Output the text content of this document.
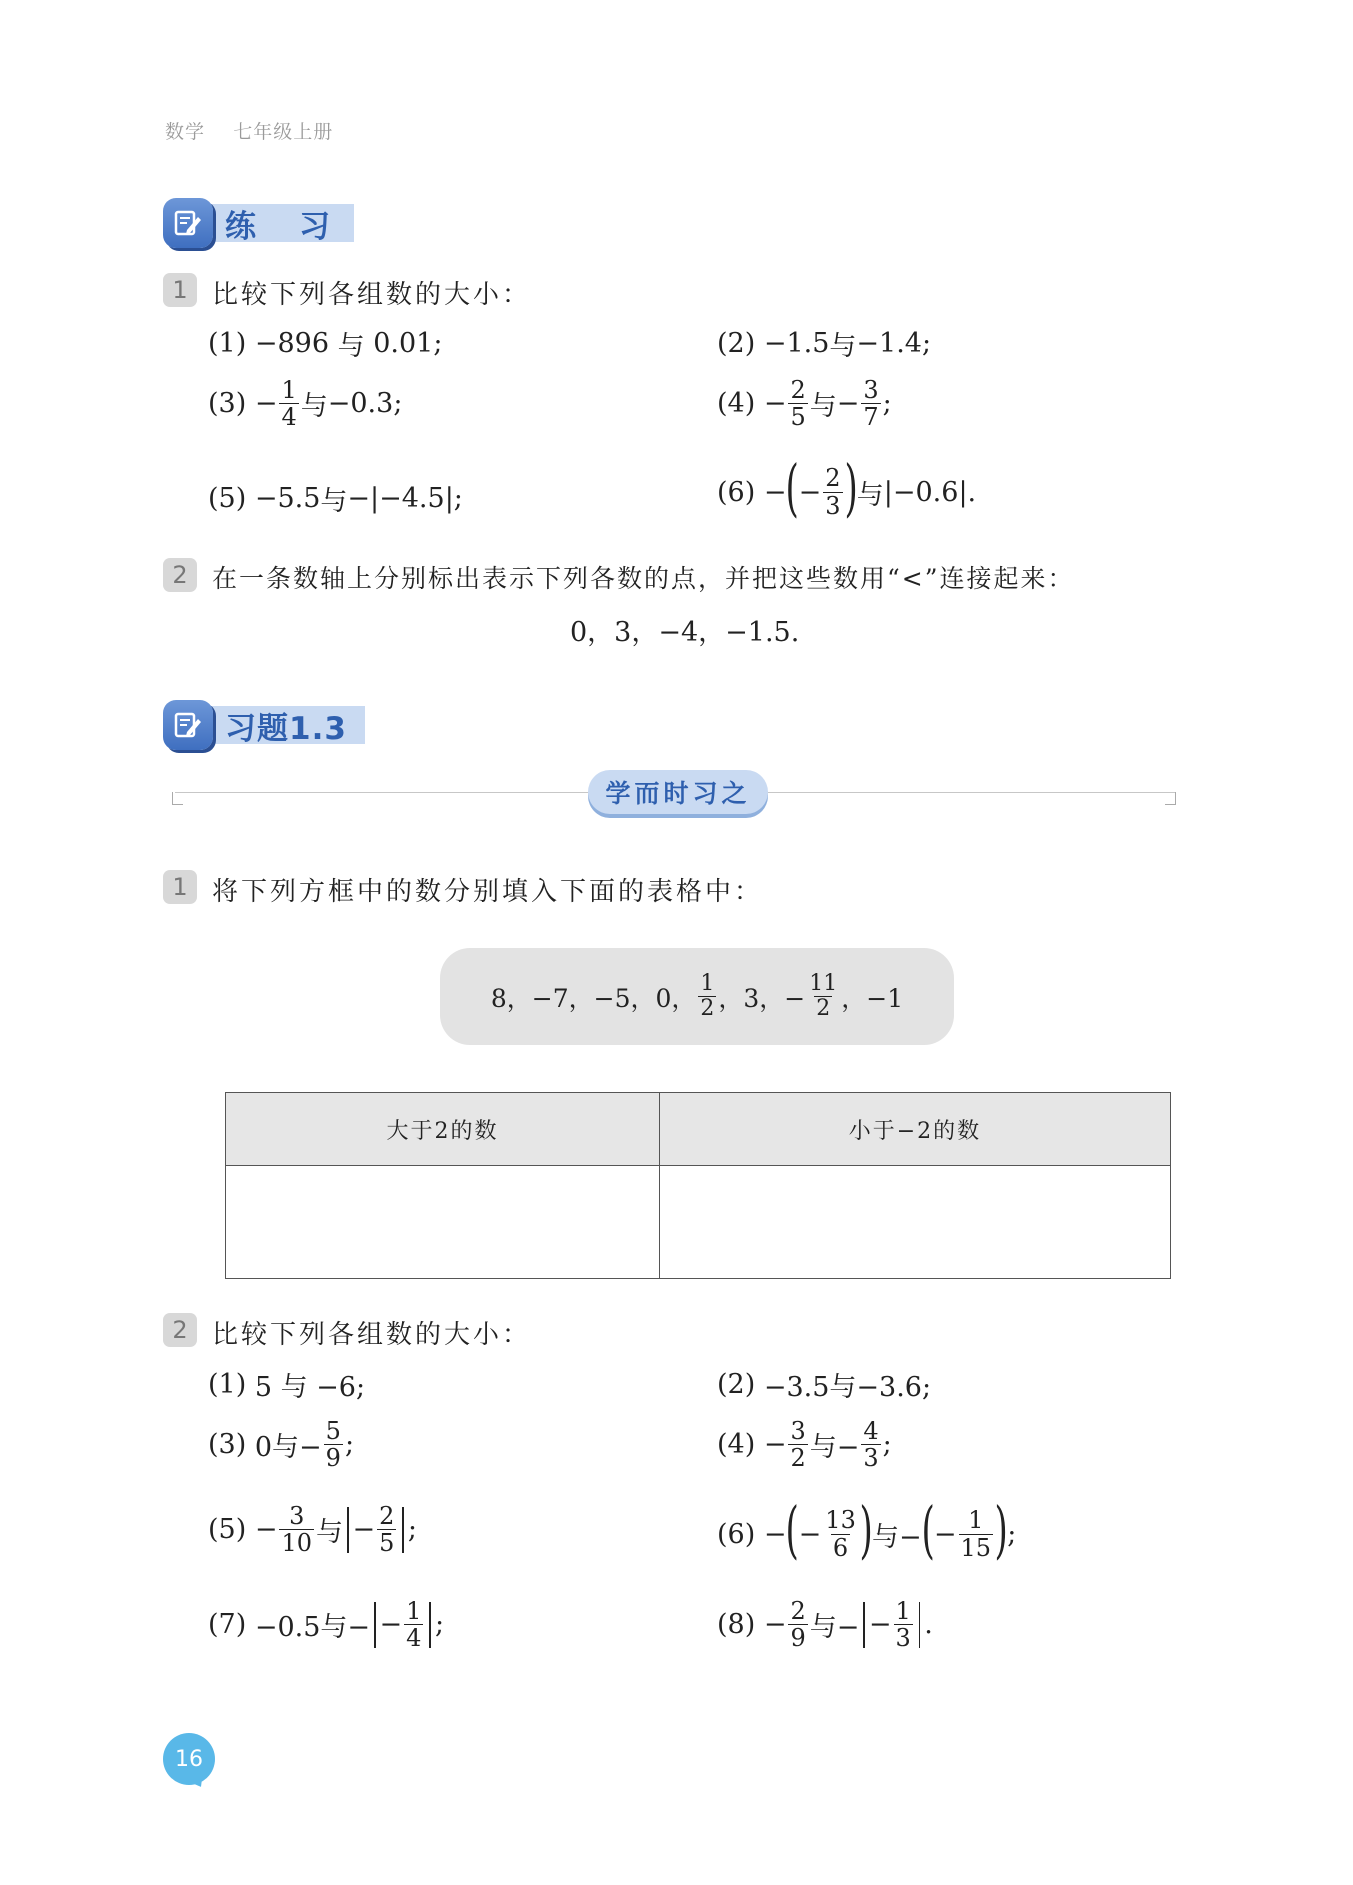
数学 七年级上册
练　习
1 比较下列各组数的大小：
(1)
−896
与
0.01 ;	(2)
−1.5 与 −1.4 ;
(3)
− $\frac{1}{4}$ 与 −0.3 ;	(4)
− $\frac{2}{5}$ 与 − $\frac{3}{7}$ ;
(5)
−5.5 与 −|−4.5| ;	(6)
− ( − $\frac{2}{3}$ ) 与 |−0.6| .
2 在一条数轴上分别标出表示下列各数的点，并把这些数用“<”连接起来：
0，3，−4，−1.5.
习题1.3
学而时习之
1 将下列方框中的数分别填入下面的表格中：
8，−7，−5，0， $\frac{1}{2}$ ，3，− $\frac{11}{2}$ ，−1
大于2的数	小于−2的数

2 比较下列各组数的大小：
(1)
5 与 −6;	(2)
−3.5与−3.6;
(3)
0与− $\frac{5}{9}$ ;	(4)
− $\frac{3}{2}$ 与− $\frac{4}{3}$ ;
(5)
− $\frac{3}{10}$ 与 − $\frac{2}{5}$ ;	(6)
− ( − $\frac{13}{6}$ ) 与− ( − $\frac{1}{15}$ ) ;
(7)
−0.5与− − $\frac{1}{4}$ ;	(8)
− $\frac{2}{9}$ 与− − $\frac{1}{3}$ .
16
